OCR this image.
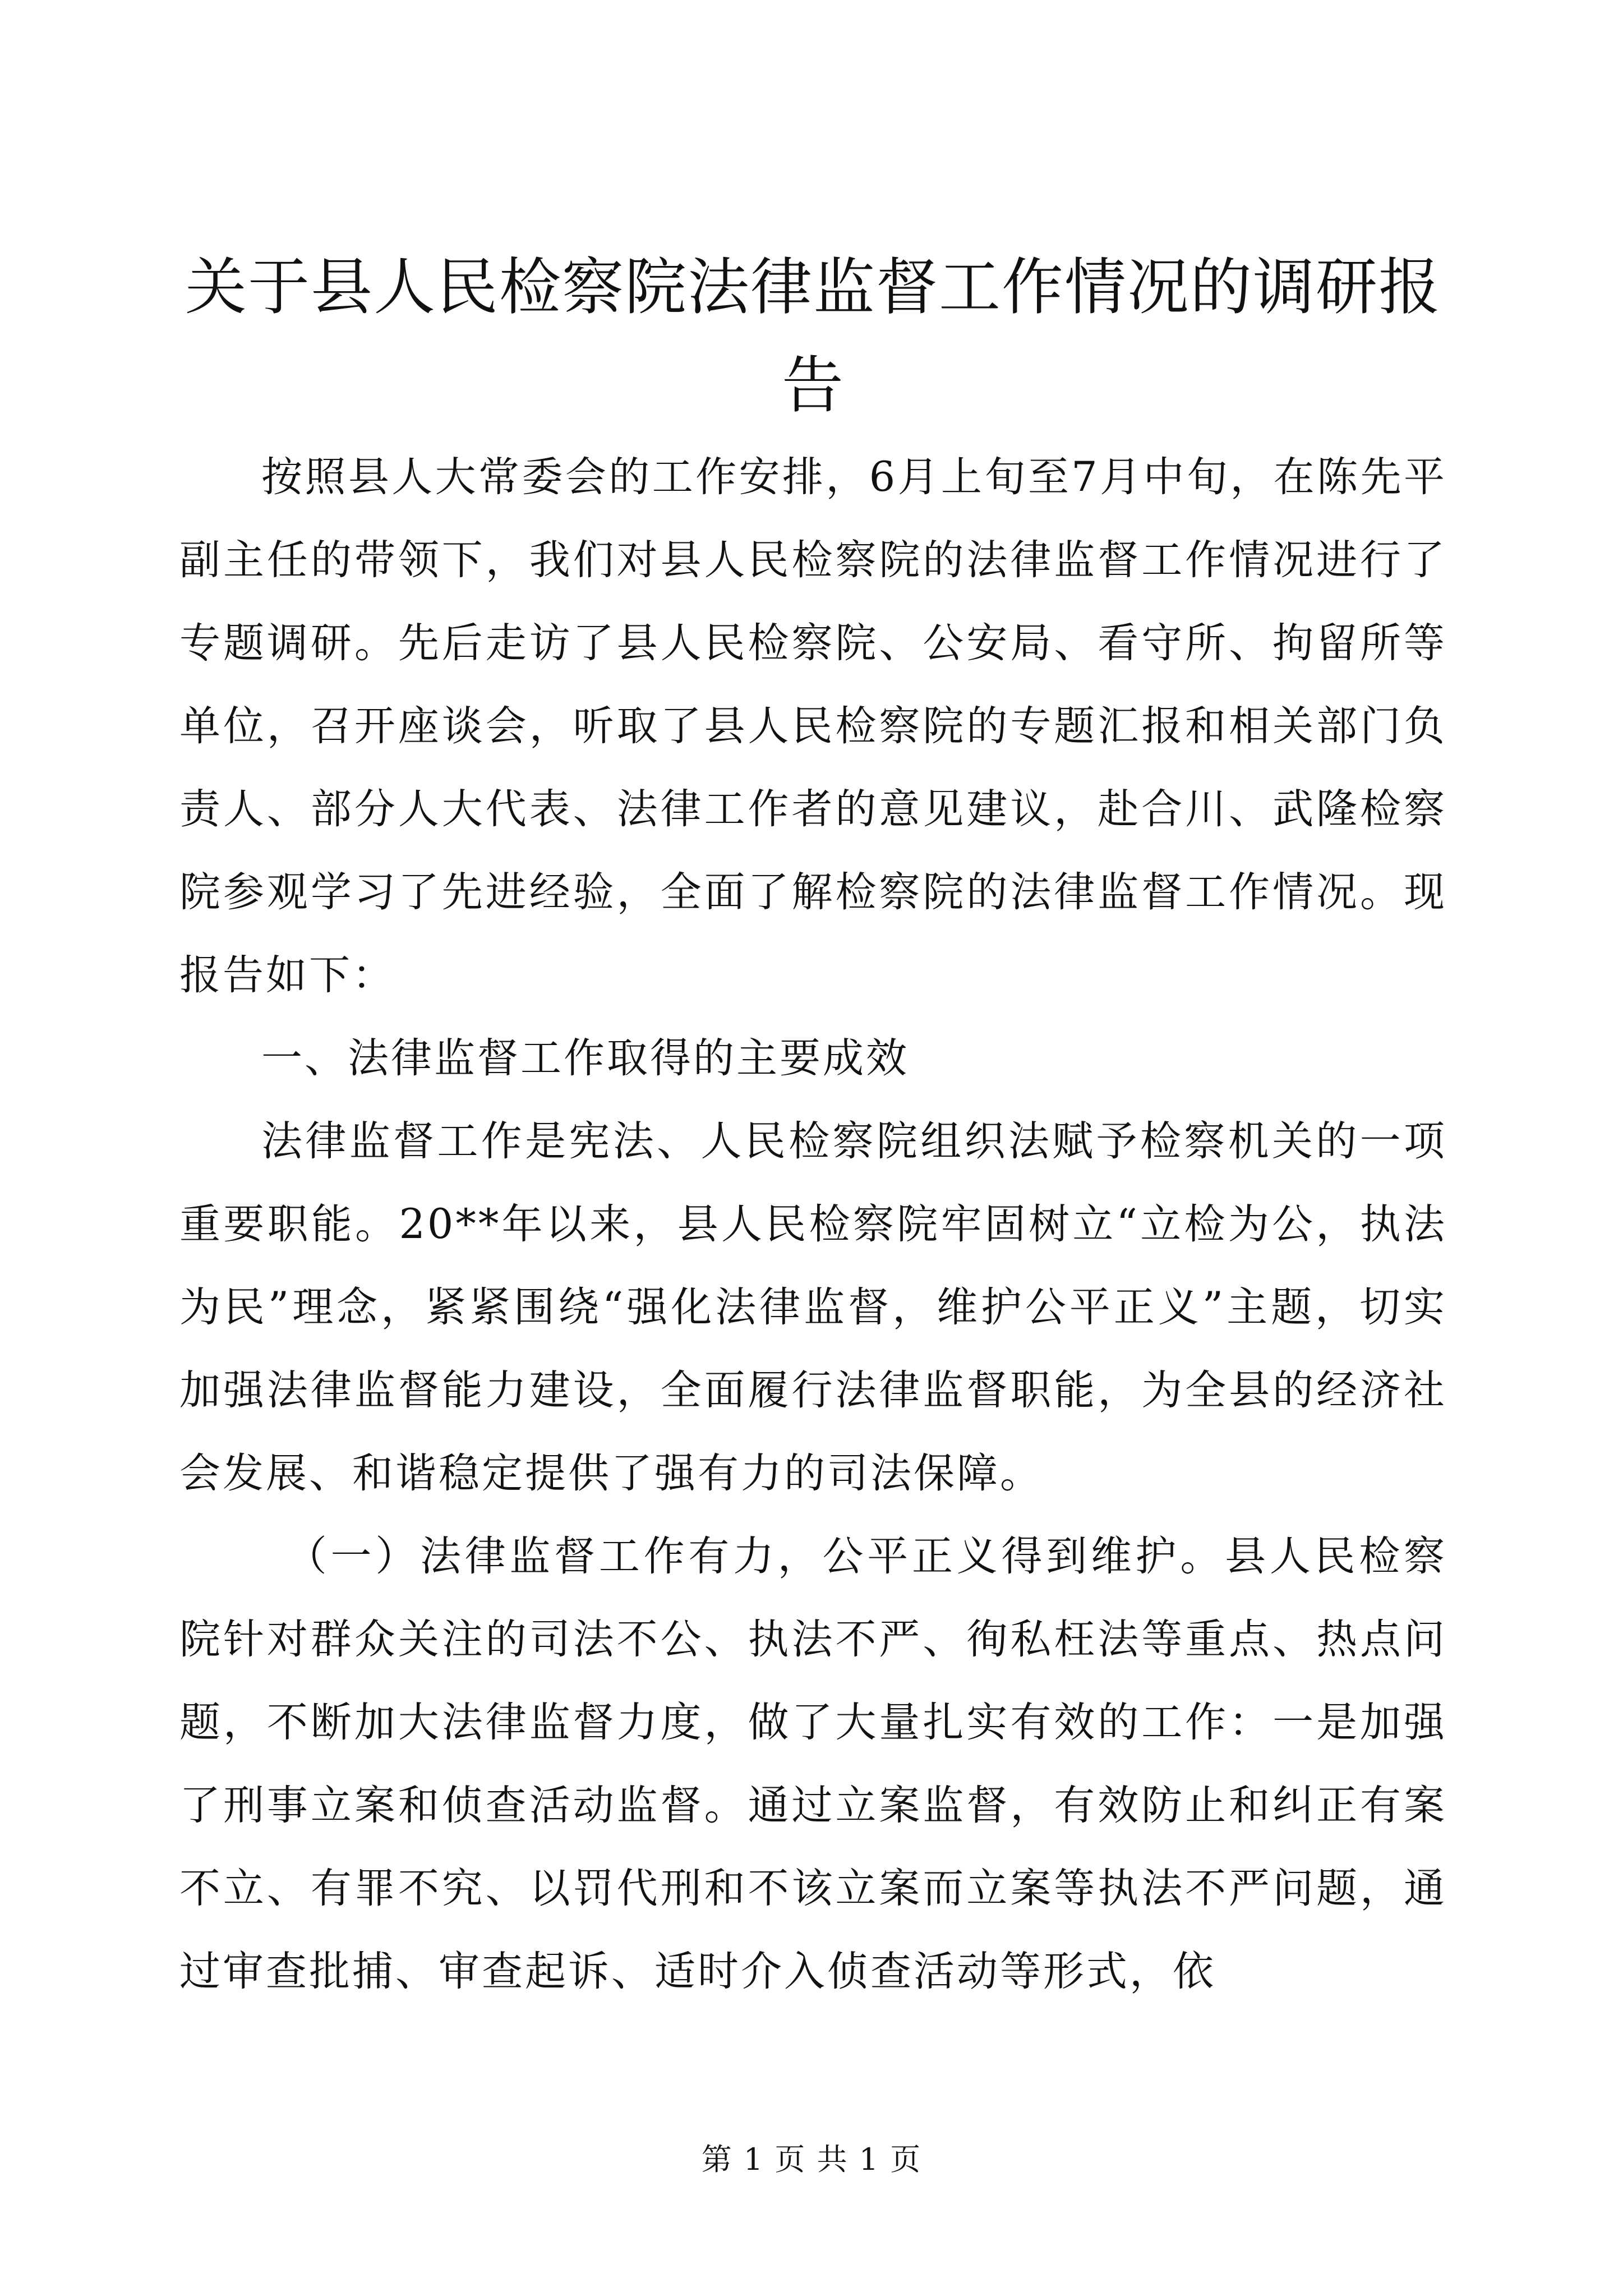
关于县人民检察院法律监督工作情况的调研报告

按照县人大常委会的工作安排，6月上旬至7月中旬，在陈先平副主任的带领下，我们对县人民检察院的法律监督工作情况进行了专题调研。先后走访了县人民检察院、公安局、看守所、拘留所等单位，召开座谈会，听取了县人民检察院的专题汇报和相关部门负责人、部分人大代表、法律工作者的意见建议，赴合川、武隆检察院参观学习了先进经验，全面了解检察院的法律监督工作情况。现报告如下：

一、法律监督工作取得的主要成效

法律监督工作是宪法、人民检察院组织法赋予检察机关的一项重要职能。20**年以来，县人民检察院牢固树立“立检为公，执法为民”理念，紧紧围绕“强化法律监督，维护公平正义”主题，切实加强法律监督能力建设，全面履行法律监督职能，为全县的经济社会发展、和谐稳定提供了强有力的司法保障。

（一）法律监督工作有力，公平正义得到维护。县人民检察院针对群众关注的司法不公、执法不严、徇私枉法等重点、热点问题，不断加大法律监督力度，做了大量扎实有效的工作：一是加强了刑事立案和侦查活动监督。通过立案监督，有效防止和纠正有案不立、有罪不究、以罚代刑和不该立案而立案等执法不严问题，通过审查批捕、审查起诉、适时介入侦查活动等形式，依

第 1 页 共 1 页
